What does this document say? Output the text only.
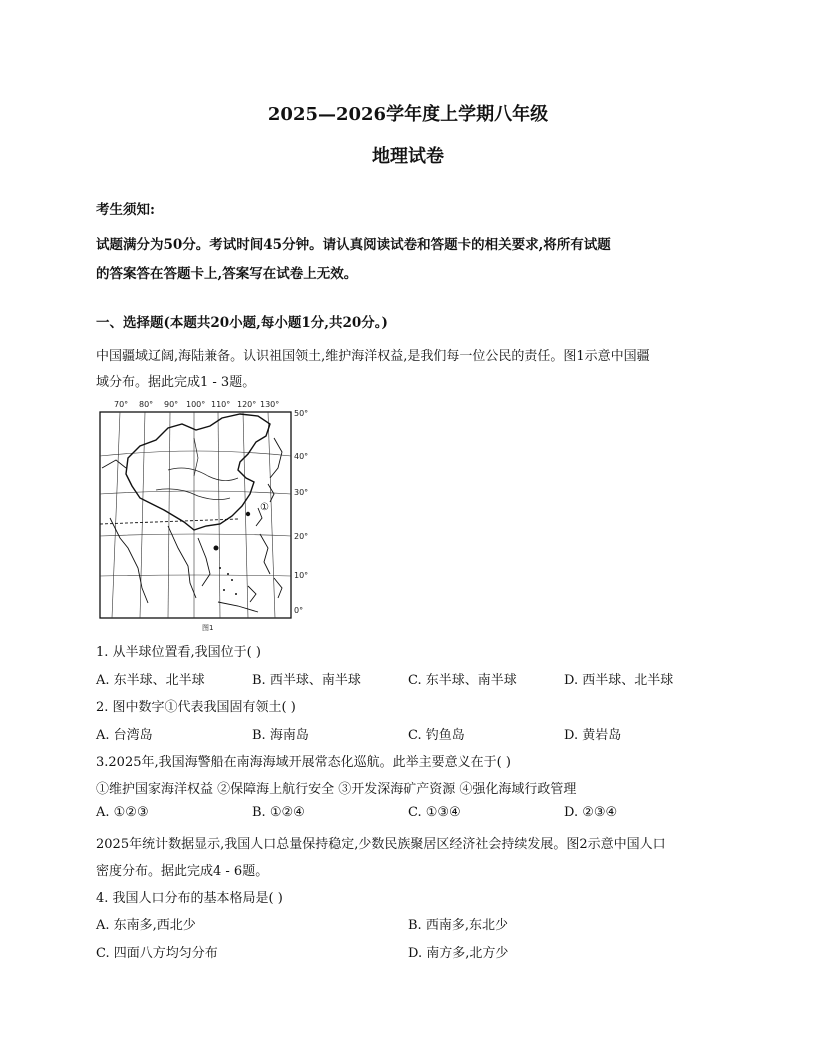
2025—2026学年度上学期八年级
地理试卷
考生须知:
试题满分为50分。考试时间45分钟。请认真阅读试卷和答题卡的相关要求,将所有试题
的答案答在答题卡上,答案写在试卷上无效。
一、选择题(本题共20小题,每小题1分,共20分。)
中国疆域辽阔,海陆兼备。认识祖国领土,维护海洋权益,是我们每一位公民的责任。图1示意中国疆
域分布。据此完成1 - 3题。
70° 80° 90° 100° 110° 120° 130°
50°
40°
30°
20°
10°
0°
①
图1
1. 从半球位置看,我国位于( )
A. 东半球、北半球	B. 西半球、南半球	C. 东半球、南半球	D. 西半球、北半球
2. 图中数字①代表我国固有领土( )
A. 台湾岛	B. 海南岛	C. 钓鱼岛	D. 黄岩岛
3.2025年,我国海警船在南海海域开展常态化巡航。此举主要意义在于( )
①维护国家海洋权益 ②保障海上航行安全 ③开发深海矿产资源 ④强化海域行政管理
A. ①②③	B. ①②④	C. ①③④	D. ②③④
2025年统计数据显示,我国人口总量保持稳定,少数民族聚居区经济社会持续发展。图2示意中国人口
密度分布。据此完成4 - 6题。
4. 我国人口分布的基本格局是( )
A. 东南多,西北少	B. 西南多,东北少
C. 四面八方均匀分布	D. 南方多,北方少
